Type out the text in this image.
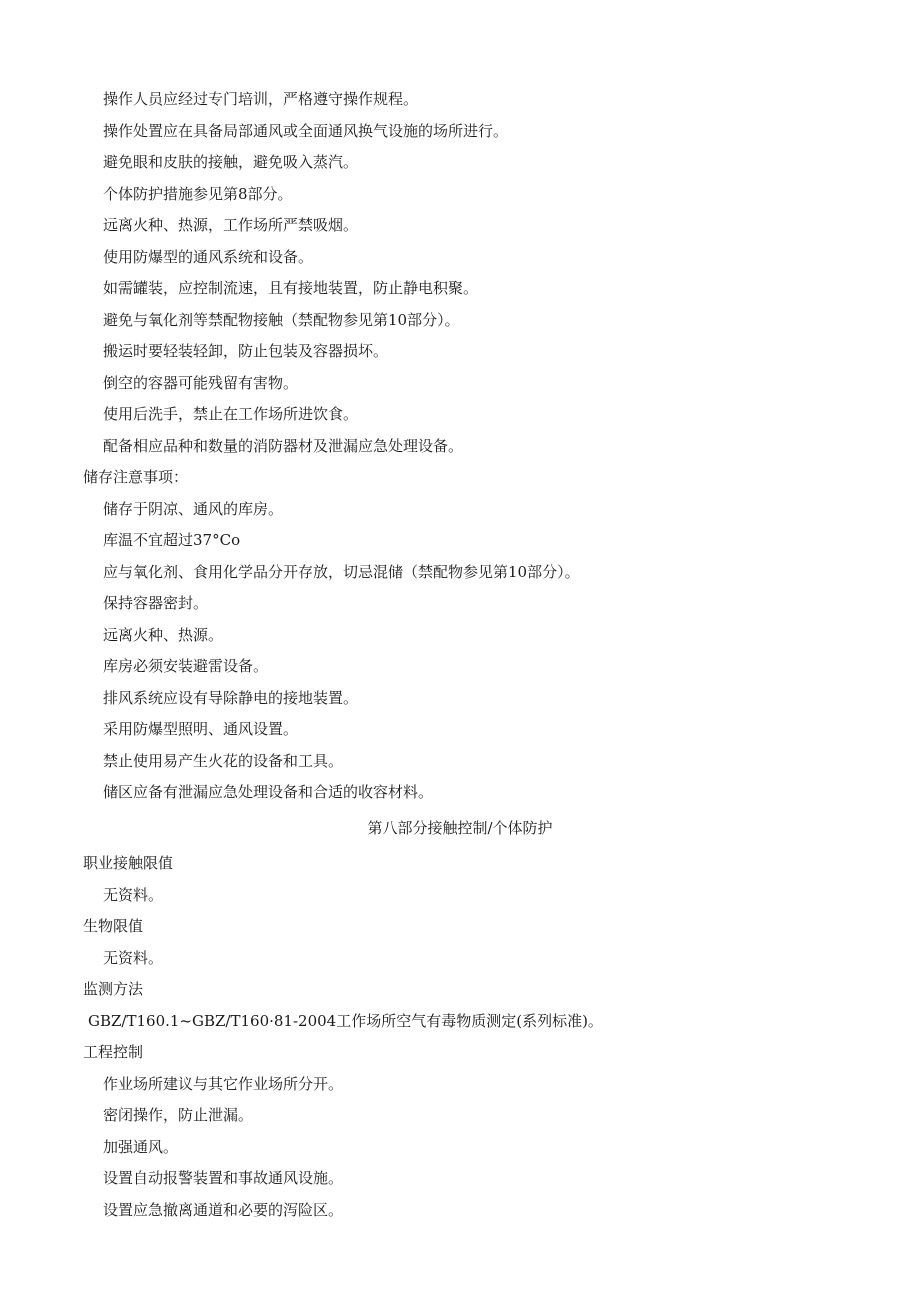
操作人员应经过专门培训，严格遵守操作规程。
操作处置应在具备局部通风或全面通风换气设施的场所进行。
避免眼和皮肤的接触，避免吸入蒸汽。
个体防护措施参见第8部分。
远离火种、热源，工作场所严禁吸烟。
使用防爆型的通风系统和设备。
如需罐装，应控制流速，且有接地装置，防止静电积聚。
避免与氧化剂等禁配物接触（禁配物参见第10部分）。
搬运时要轻装轻卸，防止包装及容器损坏。
倒空的容器可能残留有害物。
使用后洗手，禁止在工作场所进饮食。
配备相应品种和数量的消防器材及泄漏应急处理设备。
储存注意事项：
储存于阴凉、通风的库房。
库温不宜超过37°Co
应与氧化剂、食用化学品分开存放，切忌混储（禁配物参见第10部分）。
保持容器密封。
远离火种、热源。
库房必须安装避雷设备。
排风系统应设有导除静电的接地装置。
采用防爆型照明、通风设置。
禁止使用易产生火花的设备和工具。
储区应备有泄漏应急处理设备和合适的收容材料。
第八部分接触控制/个体防护
职业接触限值
无资料。
生物限值
无资料。
监测方法
GBZ/T160.1~GBZ/T160·81-2004工作场所空气有毒物质测定(系列标准)。
工程控制
作业场所建议与其它作业场所分开。
密闭操作，防止泄漏。
加强通风。
设置自动报警装置和事故通风设施。
设置应急撤离通道和必要的泻险区。
